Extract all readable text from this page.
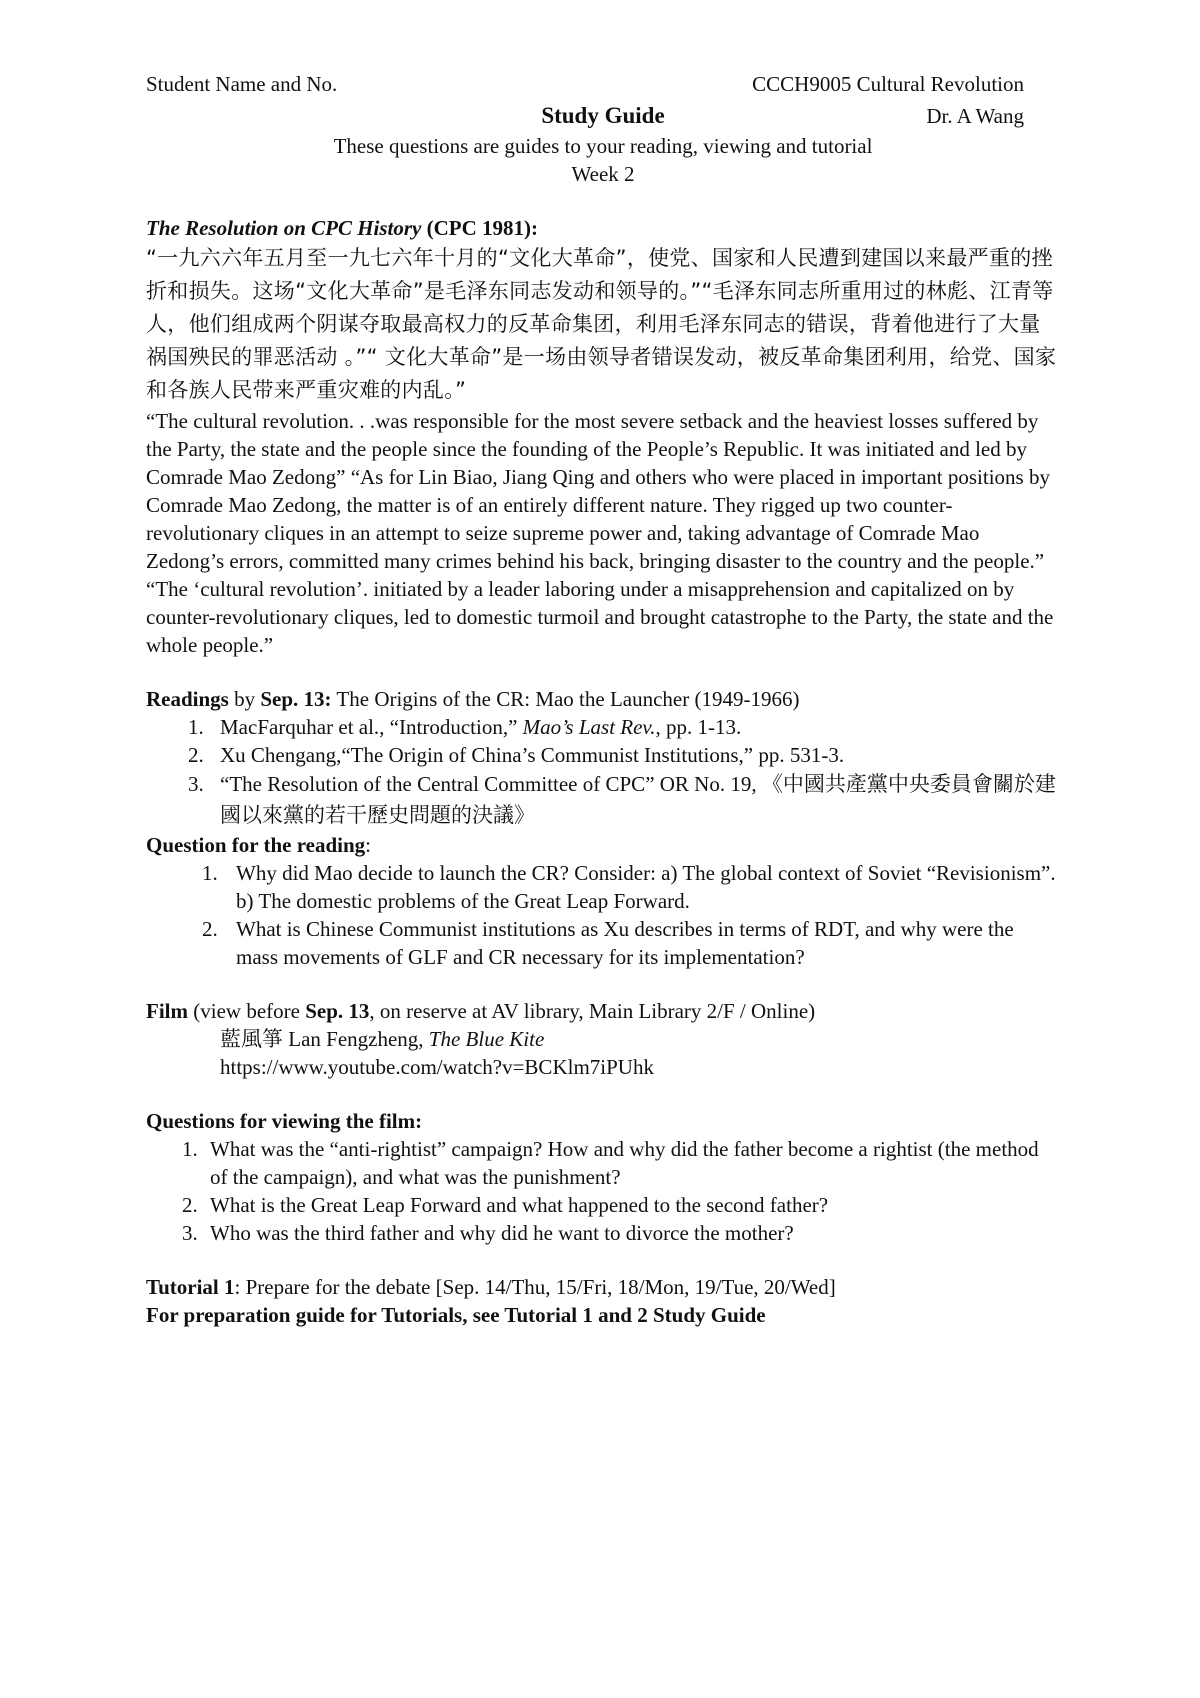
Student Name and No.	CCCH9005 Cultural Revolution
Study Guide	Dr. A Wang
These questions are guides to your reading, viewing and tutorial
Week 2
The Resolution on CPC History (CPC 1981):
“一九六六年五月至一九七六年十月的“文化大革命”，使党、国家和人民遭到建国以来最严重的挫折和损失。这场“文化大革命”是毛泽东同志发动和领导的。”“毛泽东同志所重用过的林彪、江青等人，他们组成两个阴谋夺取最高权力的反革命集团，利用毛泽东同志的错误，背着他进行了大量祸国殃民的罪恶活动 。”“ 文化大革命”是一场由领导者错误发动，被反革命集团利用，给党、国家和各族人民带来严重灾难的内乱。”
“The cultural revolution. . .was responsible for the most severe setback and the heaviest losses suffered by the Party, the state and the people since the founding of the People’s Republic. It was initiated and led by Comrade Mao Zedong” “As for Lin Biao, Jiang Qing and others who were placed in important positions by Comrade Mao Zedong, the matter is of an entirely different nature. They rigged up two counter-revolutionary cliques in an attempt to seize supreme power and, taking advantage of Comrade Mao Zedong’s errors, committed many crimes behind his back, bringing disaster to the country and the people.” “The ‘cultural revolution’. initiated by a leader laboring under a misapprehension and capitalized on by counter-revolutionary cliques, led to domestic turmoil and brought catastrophe to the Party, the state and the whole people.”
Readings by Sep. 13: The Origins of the CR: Mao the Launcher (1949-1966)
1. MacFarquhar et al., “Introduction,” Mao’s Last Rev., pp. 1-13.
2. Xu Chengang,“The Origin of China’s Communist Institutions,” pp. 531-3.
3. “The Resolution of the Central Committee of CPC” OR No. 19, 《中國共產黨中央委員會關於建國以來黨的若干歷史問題的決議》
Question for the reading:
1. Why did Mao decide to launch the CR? Consider: a) The global context of Soviet “Revisionism”. b) The domestic problems of the Great Leap Forward.
2. What is Chinese Communist institutions as Xu describes in terms of RDT, and why were the mass movements of GLF and CR necessary for its implementation?
Film (view before Sep. 13, on reserve at AV library, Main Library 2/F / Online)
藍風箏 Lan Fengzheng, The Blue Kite
https://www.youtube.com/watch?v=BCKlm7iPUhk
Questions for viewing the film:
1. What was the “anti-rightist” campaign? How and why did the father become a rightist (the method of the campaign), and what was the punishment?
2. What is the Great Leap Forward and what happened to the second father?
3. Who was the third father and why did he want to divorce the mother?
Tutorial 1: Prepare for the debate [Sep. 14/Thu, 15/Fri, 18/Mon, 19/Tue, 20/Wed]
For preparation guide for Tutorials, see Tutorial 1 and 2 Study Guide
